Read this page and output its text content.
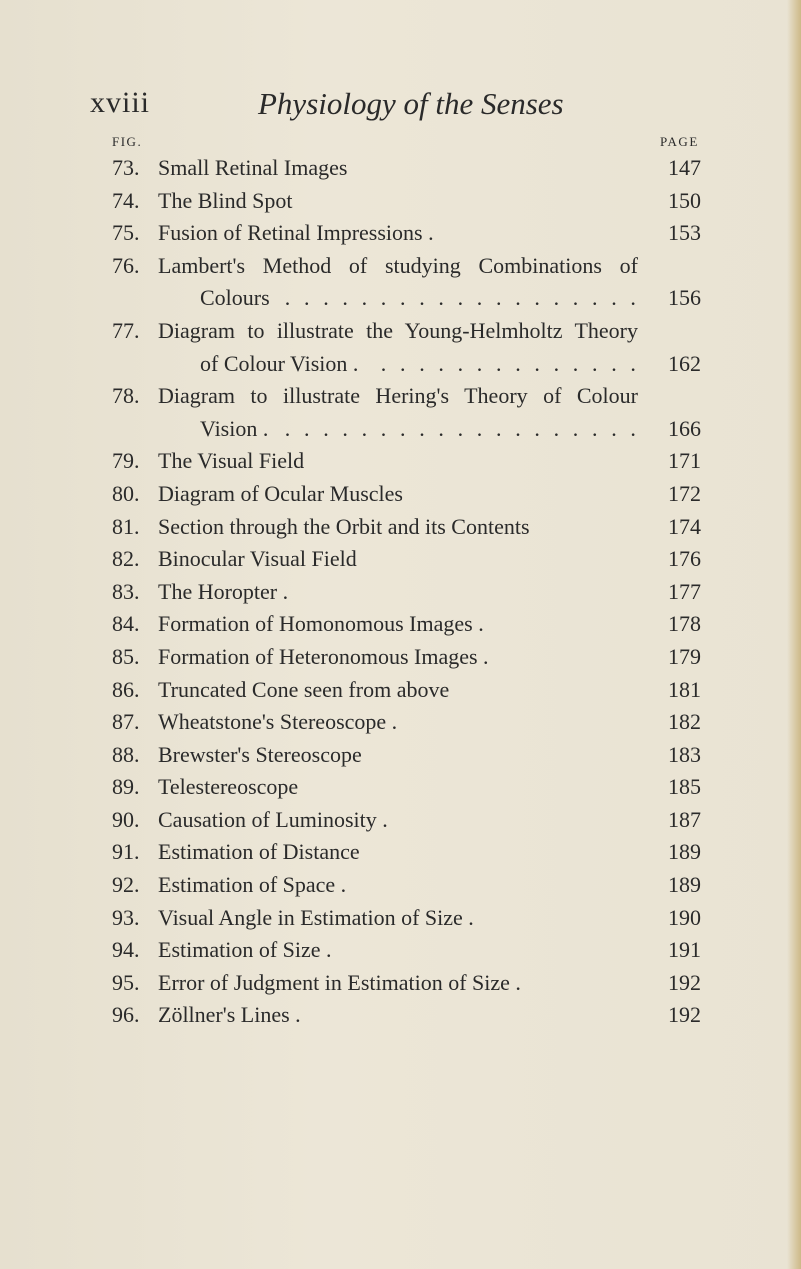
xviii	Physiology of the Senses
FIG.	PAGE
73. Small Retinal Images	147
74. The Blind Spot	150
75. Fusion of Retinal Impressions .	153
76. Lambert's Method of studying Combinations of
Colours ................... 156
77. Diagram to illustrate the Young-Helmholtz Theory
of Colour Vision . .............. 162
78. Diagram to illustrate Hering's Theory of Colour
Vision . ................... 166
79. The Visual Field	171
80. Diagram of Ocular Muscles	172
81. Section through the Orbit and its Contents	174
82. Binocular Visual Field	176
83. The Horopter .	177
84. Formation of Homonomous Images .	178
85. Formation of Heteronomous Images .	179
86. Truncated Cone seen from above	181
87. Wheatstone's Stereoscope .	182
88. Brewster's Stereoscope	183
89. Telestereoscope	185
90. Causation of Luminosity .	187
91. Estimation of Distance	189
92. Estimation of Space .	189
93. Visual Angle in Estimation of Size .	190
94. Estimation of Size .	191
95. Error of Judgment in Estimation of Size .	192
96. Zöllner's Lines .	192
